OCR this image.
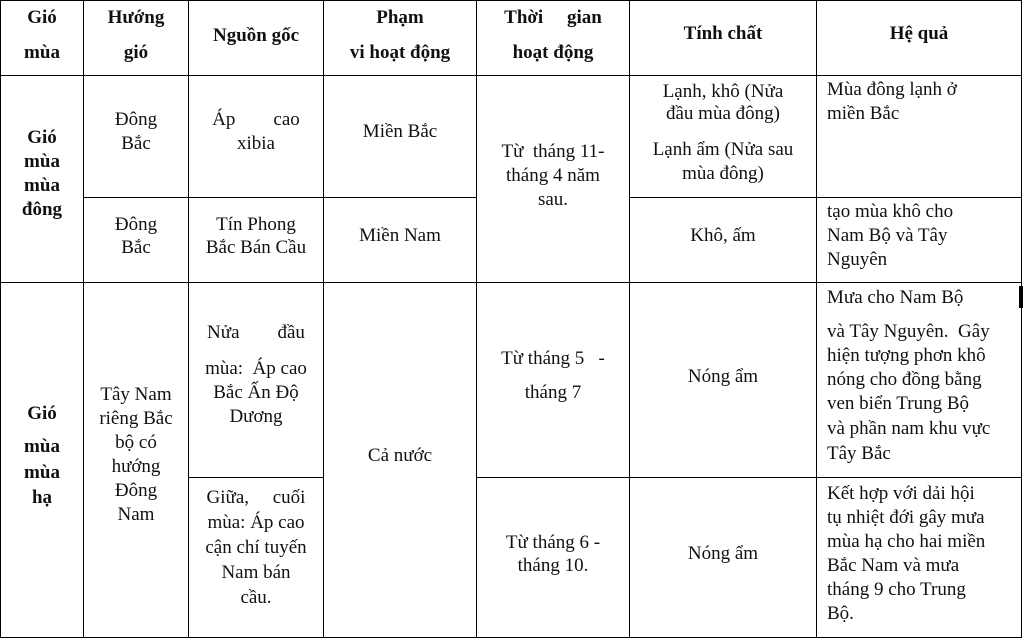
Gió
mùa
Hướng
gió
Nguồn gốc
Phạm
vi hoạt động
Thời     gian
hoạt động
Tính chất	Hệ quả
Gió
mùa
mùa
đông
Đông
Bắc
Áp        cao
xibia
Miền Bắc
Từ  tháng 11-
tháng 4 năm
sau.
Lạnh, khô (Nửa
đầu mùa đông)
Lạnh ẩm (Nửa sau
mùa đông)
Mùa đông lạnh ở
miền Bắc
Đông
Bắc
Tín Phong
Bắc Bán Cầu
Miền Nam	Khô, ấm
tạo mùa khô cho
Nam Bộ và Tây
Nguyên
Gió
mùa
mùa
hạ
Tây Nam
riêng Bắc
bộ có
hướng
Đông
Nam
Nửa        đầu
mùa:  Áp cao
Bắc Ấn Độ
Dương
Cả nước
Từ tháng 5   -
tháng 7
Nóng ẩm
Mưa cho Nam Bộ
và Tây Nguyên.  Gây
hiện tượng phơn khô
nóng cho đồng bằng
ven biển Trung Bộ
và phần nam khu vực
Tây Bắc
Giữa,     cuối
mùa: Áp cao
cận chí tuyến
Nam bán
cầu.
Từ tháng 6 -
tháng 10.
Nóng ẩm
Kết hợp với dải hội
tụ nhiệt đới gây mưa
mùa hạ cho hai miền
Bắc Nam và mưa
tháng 9 cho Trung
Bộ.
